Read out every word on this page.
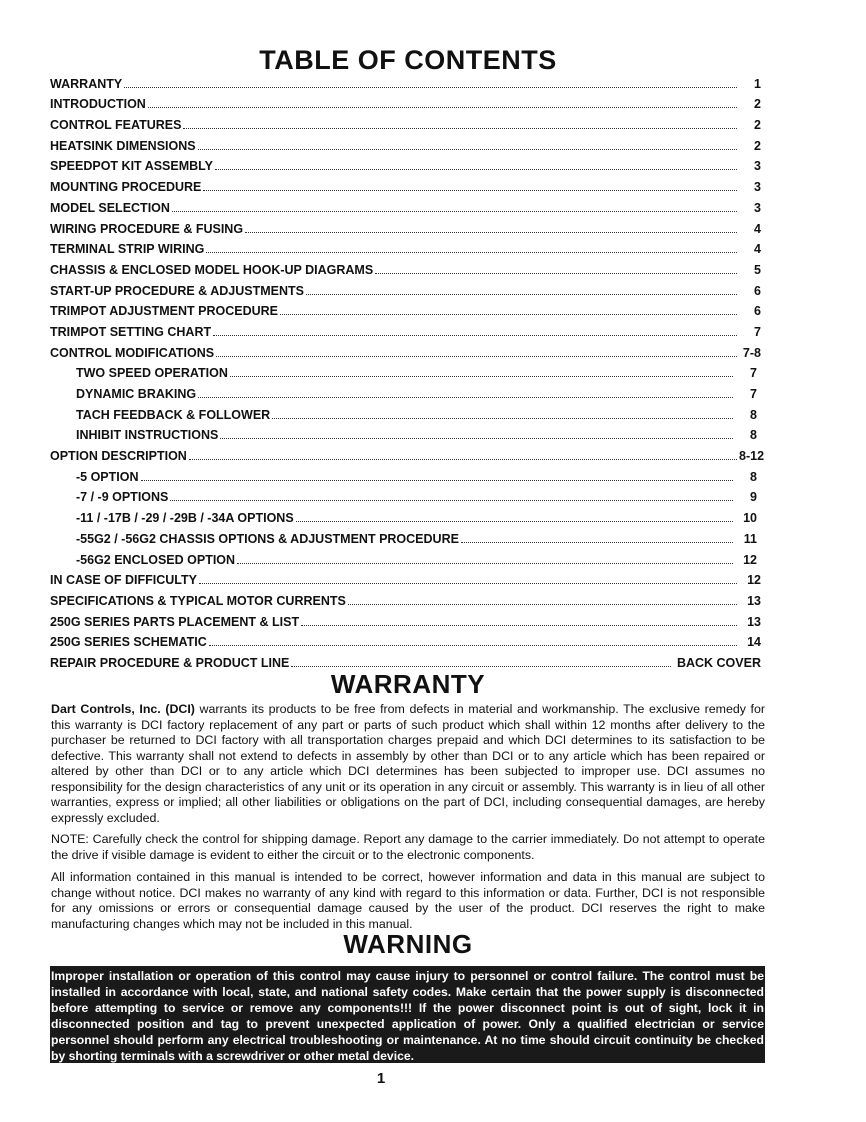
TABLE OF CONTENTS
WARRANTY	1
INTRODUCTION	2
CONTROL FEATURES	2
HEATSINK DIMENSIONS	2
SPEEDPOT KIT ASSEMBLY	3
MOUNTING PROCEDURE	3
MODEL SELECTION	3
WIRING PROCEDURE & FUSING	4
TERMINAL STRIP WIRING	4
CHASSIS & ENCLOSED MODEL HOOK-UP DIAGRAMS	5
START-UP PROCEDURE & ADJUSTMENTS	6
TRIMPOT ADJUSTMENT PROCEDURE	6
TRIMPOT SETTING CHART	7
CONTROL MODIFICATIONS	7-8
TWO SPEED OPERATION	7
DYNAMIC BRAKING	7
TACH FEEDBACK & FOLLOWER	8
INHIBIT INSTRUCTIONS	8
OPTION DESCRIPTION	8-12
-5 OPTION	8
-7 / -9 OPTIONS	9
-11 / -17B / -29 / -29B / -34A OPTIONS	10
-55G2 / -56G2 CHASSIS OPTIONS & ADJUSTMENT PROCEDURE	11
-56G2 ENCLOSED OPTION	12
IN CASE OF DIFFICULTY	12
SPECIFICATIONS & TYPICAL MOTOR CURRENTS	13
250G SERIES PARTS PLACEMENT & LIST	13
250G SERIES SCHEMATIC	14
REPAIR PROCEDURE & PRODUCT LINE	BACK COVER
WARRANTY
Dart Controls, Inc. (DCI) warrants its products to be free from defects in material and workmanship. The exclusive remedy for this warranty is DCI factory replacement of any part or parts of such product which shall within 12 months after delivery to the purchaser be returned to DCI factory with all transportation charges prepaid and which DCI determines to its satisfaction to be defective. This warranty shall not extend to defects in assembly by other than DCI or to any article which has been repaired or altered by other than DCI or to any article which DCI determines has been subjected to improper use. DCI assumes no responsibility for the design characteristics of any unit or its operation in any circuit or assembly. This warranty is in lieu of all other warranties, express or implied; all other liabilities or obligations on the part of DCI, including consequential damages, are hereby expressly excluded.
NOTE: Carefully check the control for shipping damage. Report any damage to the carrier immediately. Do not attempt to operate the drive if visible damage is evident to either the circuit or to the electronic components.
All information contained in this manual is intended to be correct, however information and data in this manual are subject to change without notice. DCI makes no warranty of any kind with regard to this information or data. Further, DCI is not responsible for any omissions or errors or consequential damage caused by the user of the product. DCI reserves the right to make manufacturing changes which may not be included in this manual.
WARNING
Improper installation or operation of this control may cause injury to personnel or control failure. The control must be installed in accordance with local, state, and national safety codes. Make certain that the power supply is disconnected before attempting to service or remove any components!!! If the power disconnect point is out of sight, lock it in disconnected position and tag to prevent unexpected application of power. Only a qualified electrician or service personnel should perform any electrical troubleshooting or maintenance. At no time should circuit continuity be checked by shorting terminals with a screwdriver or other metal device.
1
